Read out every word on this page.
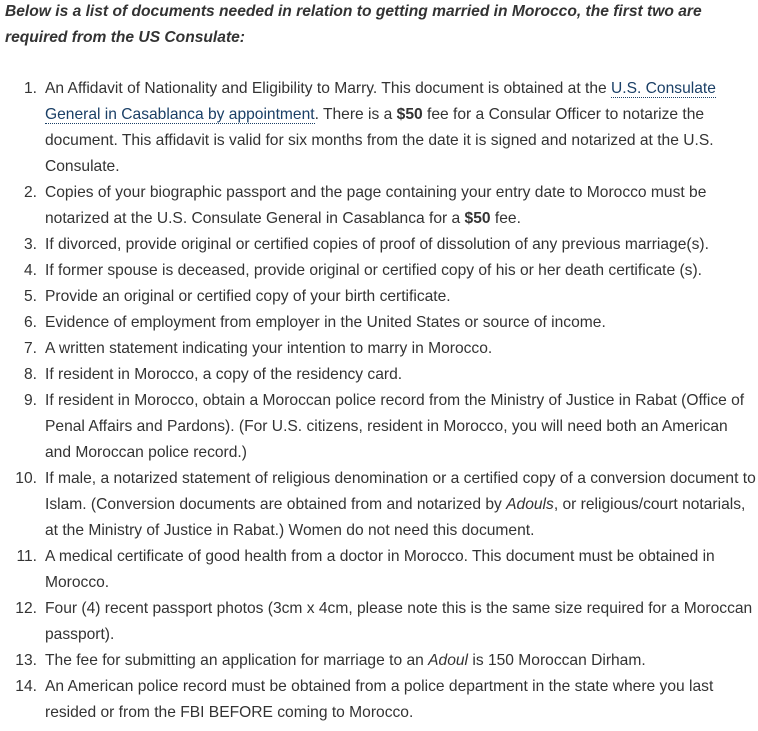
Below is a list of documents needed in relation to getting married in Morocco, the first two are required from the US Consulate:

An Affidavit of Nationality and Eligibility to Marry. This document is obtained at the U.S. Consulate General in Casablanca by appointment. There is a $50 fee for a Consular Officer to notarize the document. This affidavit is valid for six months from the date it is signed and notarized at the U.S. Consulate.
Copies of your biographic passport and the page containing your entry date to Morocco must be notarized at the U.S. Consulate General in Casablanca for a $50 fee.
If divorced, provide original or certified copies of proof of dissolution of any previous marriage(s).
If former spouse is deceased, provide original or certified copy of his or her death certificate (s).
Provide an original or certified copy of your birth certificate.
Evidence of employment from employer in the United States or source of income.
A written statement indicating your intention to marry in Morocco.
If resident in Morocco, a copy of the residency card.
If resident in Morocco, obtain a Moroccan police record from the Ministry of Justice in Rabat (Office of Penal Affairs and Pardons). (For U.S. citizens, resident in Morocco, you will need both an American and Moroccan police record.)
If male, a notarized statement of religious denomination or a certified copy of a conversion document to Islam. (Conversion documents are obtained from and notarized by Adouls, or religious/court notarials, at the Ministry of Justice in Rabat.) Women do not need this document.
A medical certificate of good health from a doctor in Morocco. This document must be obtained in Morocco.
Four (4) recent passport photos (3cm x 4cm, please note this is the same size required for a Moroccan passport).
The fee for submitting an application for marriage to an Adoul is 150 Moroccan Dirham.
An American police record must be obtained from a police department in the state where you last resided or from the FBI BEFORE coming to Morocco.
